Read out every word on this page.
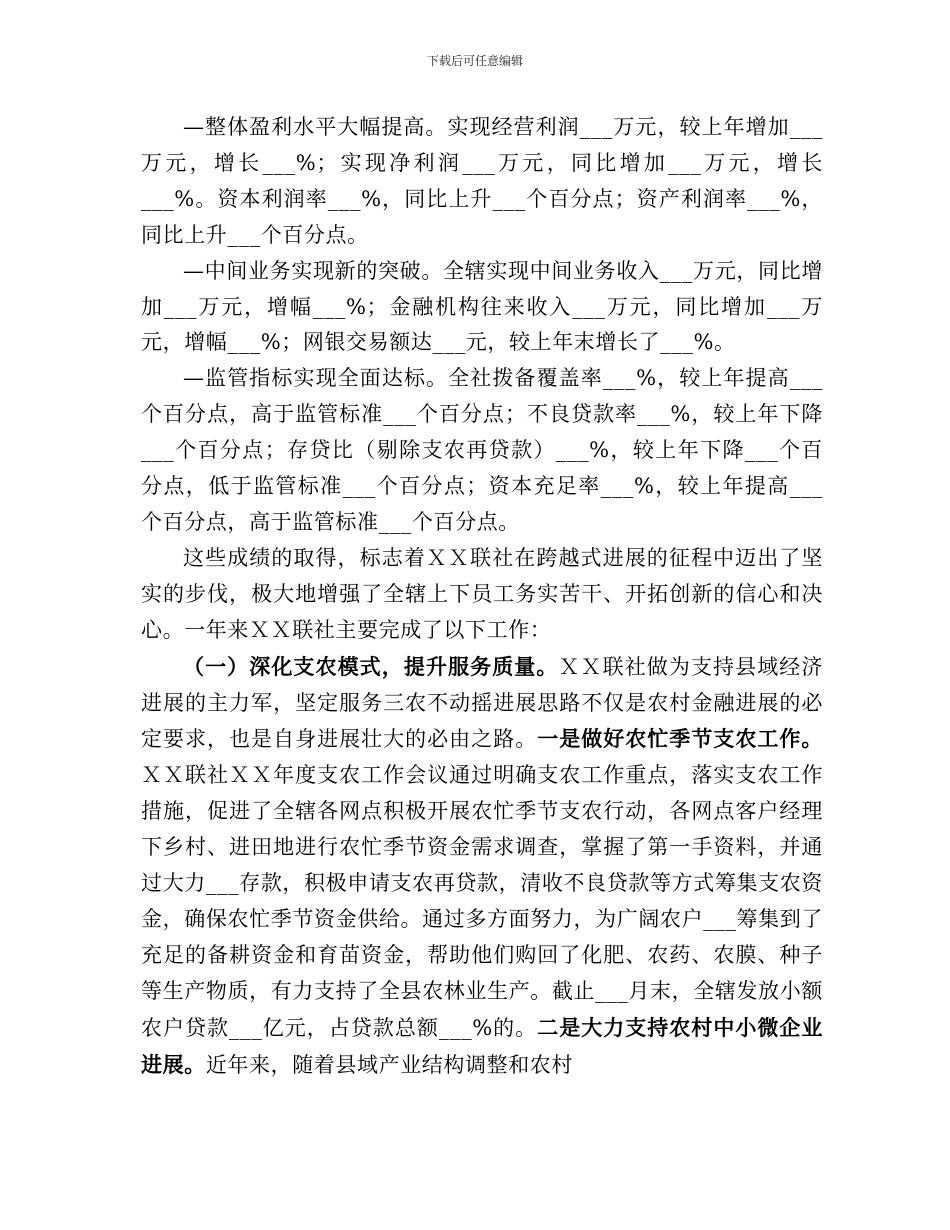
下载后可任意编辑

—整体盈利水平大幅提高。实现经营利润___万元，较上年增加___万元，增长___%；实现净利润___万元，同比增加___万元，增长___%。资本利润率___%，同比上升___个百分点；资产利润率___%，同比上升___个百分点。

—中间业务实现新的突破。全辖实现中间业务收入___万元，同比增加___万元，增幅___%；金融机构往来收入___万元，同比增加___万元，增幅___%；网银交易额达___元，较上年末增长了___%。

—监管指标实现全面达标。全社拨备覆盖率___%，较上年提高___个百分点，高于监管标准___个百分点；不良贷款率___%，较上年下降___个百分点；存贷比（剔除支农再贷款）___%，较上年下降___个百分点，低于监管标准___个百分点；资本充足率___%，较上年提高___个百分点，高于监管标准___个百分点。

这些成绩的取得，标志着ＸＸ联社在跨越式进展的征程中迈出了坚实的步伐，极大地增强了全辖上下员工务实苦干、开拓创新的信心和决心。一年来ＸＸ联社主要完成了以下工作：

（一）深化支农模式，提升服务质量。ＸＸ联社做为支持县域经济进展的主力军，坚定服务三农不动摇进展思路不仅是农村金融进展的必定要求，也是自身进展壮大的必由之路。一是做好农忙季节支农工作。ＸＸ联社ＸＸ年度支农工作会议通过明确支农工作重点，落实支农工作措施，促进了全辖各网点积极开展农忙季节支农行动，各网点客户经理下乡村、进田地进行农忙季节资金需求调查，掌握了第一手资料，并通过大力___存款，积极申请支农再贷款，清收不良贷款等方式筹集支农资金，确保农忙季节资金供给。通过多方面努力，为广阔农户___筹集到了充足的备耕资金和育苗资金，帮助他们购回了化肥、农药、农膜、种子等生产物质，有力支持了全县农林业生产。截止___月末，全辖发放小额农户贷款___亿元，占贷款总额___%的。二是大力支持农村中小微企业进展。近年来，随着县域产业结构调整和农村
